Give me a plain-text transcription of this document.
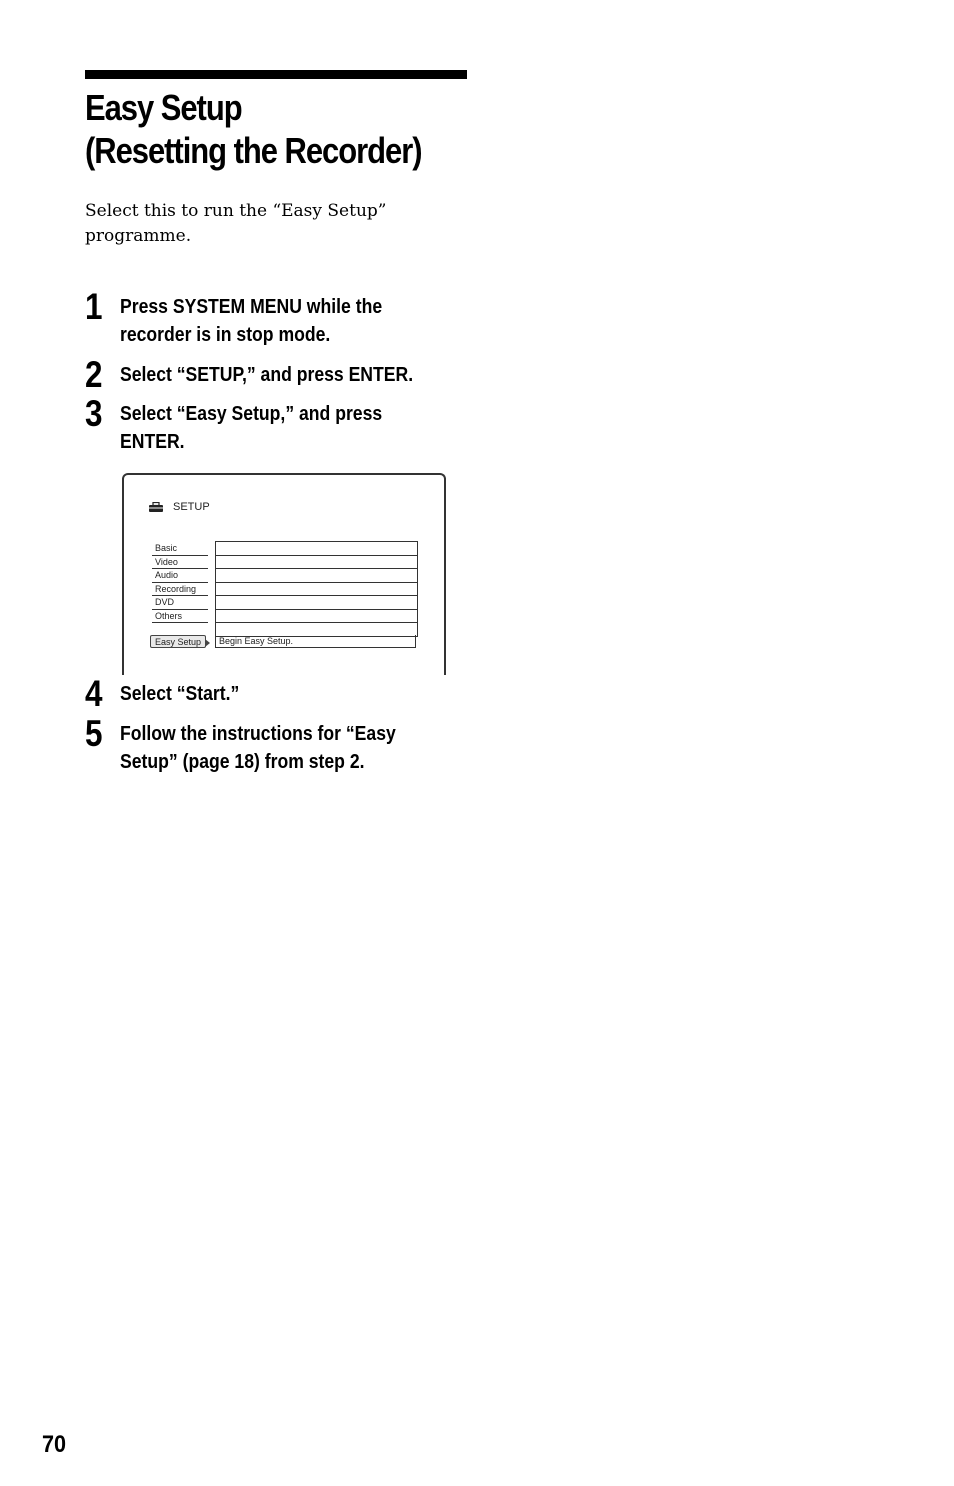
Easy Setup
(Resetting the Recorder)

Select this to run the “Easy Setup” programme.

1 Press SYSTEM MENU while the
recorder is in stop mode.
2 Select “SETUP,” and press ENTER.
3 Select “Easy Setup,” and press
ENTER.
SETUP
Basic
Video
Audio
Recording
DVD
Others
Easy Setup	Begin Easy Setup.
4 Select “Start.”
5 Follow the instructions for “Easy
Setup” (page 18) from step 2.
70
